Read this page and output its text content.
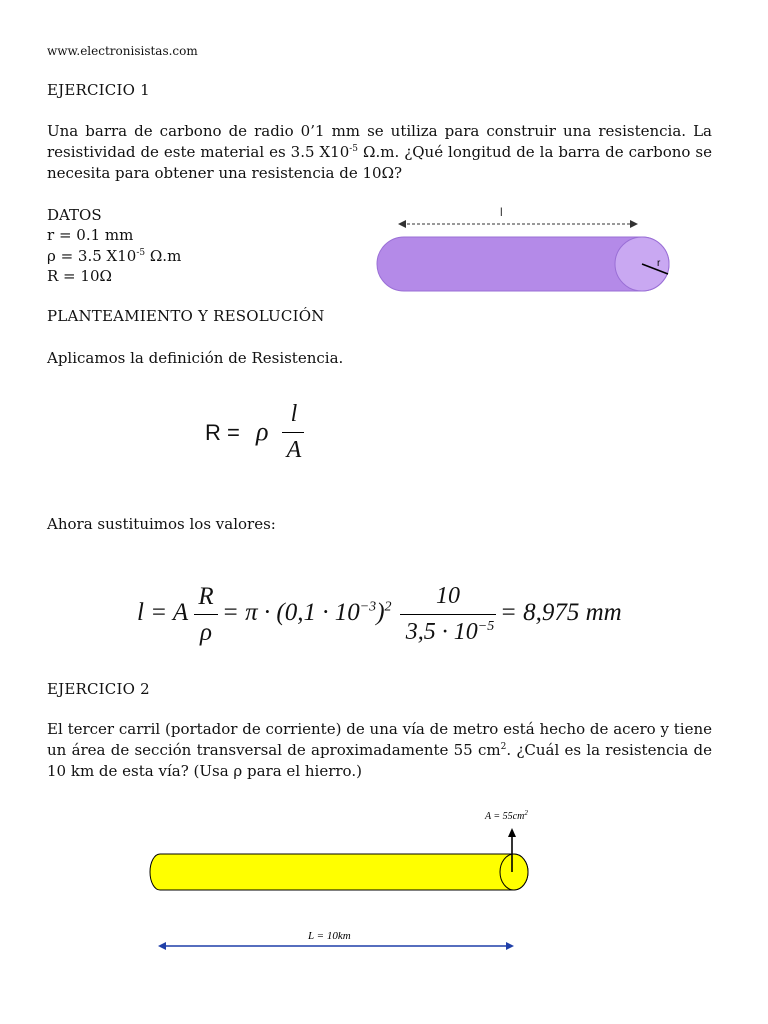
www.electronisistas.com
EJERCICIO 1
Una barra de carbono de radio 0’1 mm se utiliza para construir una resistencia. La resistividad de este material es 3.5 $X10^{-5}$ Ω.m. ¿Qué longitud de la barra de carbono se necesita para obtener una resistencia de 10Ω?
DATOS
r = 0.1 mm
ρ = 3.5 $X10^{-5}$ Ω.m
R = 10Ω
l
r
PLANTEAMIENTO Y RESOLUCIÓN
Aplicamos la definición de Resistencia.
R = ρ
l
A
Ahora sustituimos los valores:
l = A
R
ρ
= $\pi \cdot (0,1 \cdot 10^{-3})^2$	10
$3,5 \cdot 10^{-5}$
= 8,975 mm
EJERCICIO 2
El tercer carril (portador de corriente) de una vía de metro está hecho de acero y tiene un área de sección transversal de aproximadamente 55 $cm^2$. ¿Cuál es la resistencia de 10 km de esta vía? (Usa ρ para el hierro.)
$A = 55cm^2$
L = 10km
